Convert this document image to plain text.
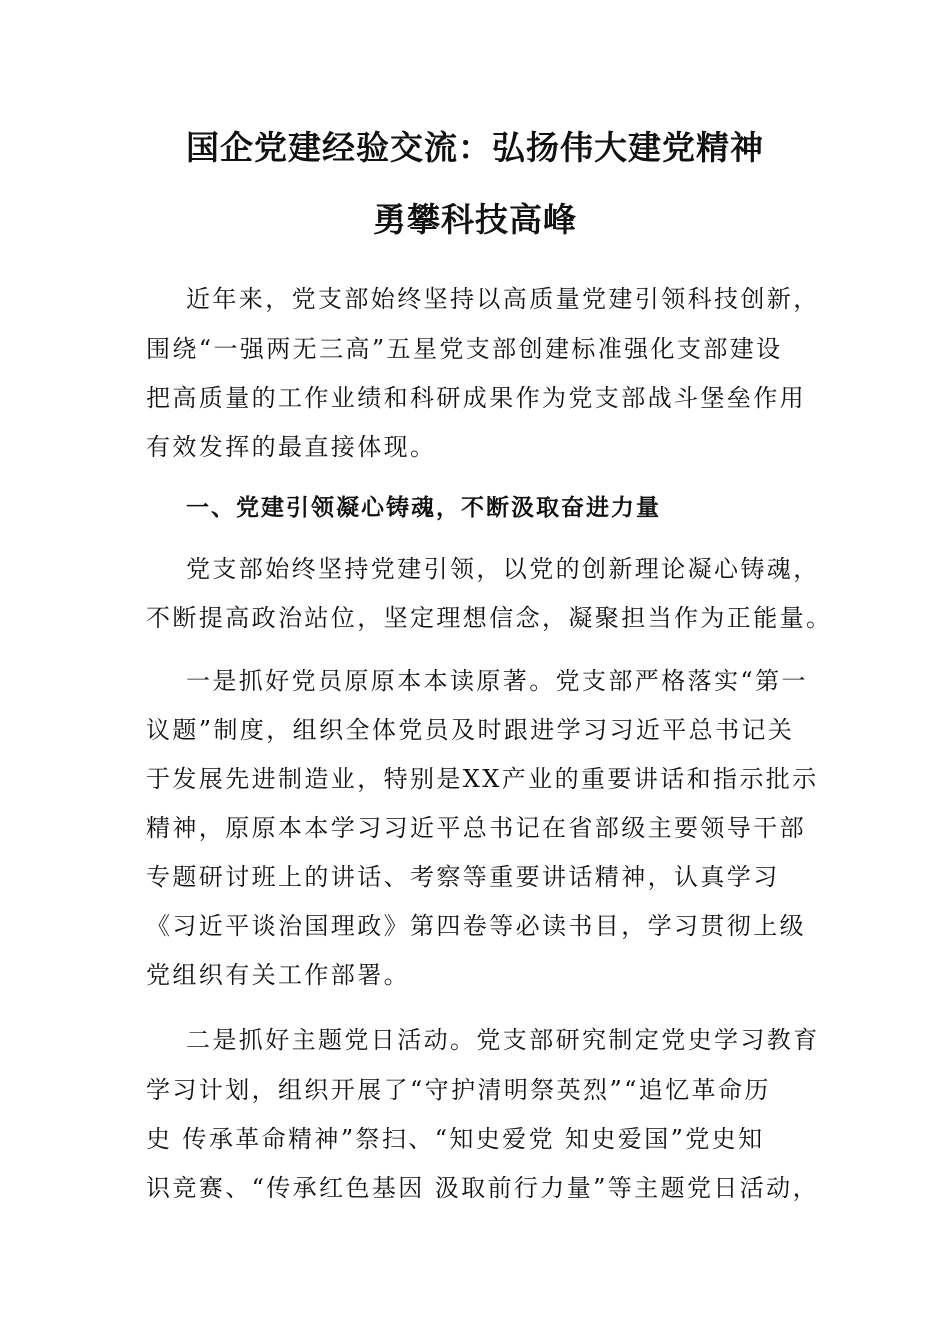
国企党建经验交流：弘扬伟大建党精神
勇攀科技高峰
近年来，党支部始终坚持以高质量党建引领科技创新，
围绕“一强两无三高”五星党支部创建标准强化支部建设
把高质量的工作业绩和科研成果作为党支部战斗堡垒作用
有效发挥的最直接体现。
一、党建引领凝心铸魂，不断汲取奋进力量
党支部始终坚持党建引领，以党的创新理论凝心铸魂，
不断提高政治站位，坚定理想信念，凝聚担当作为正能量。
一是抓好党员原原本本读原著。党支部严格落实“第一
议题”制度，组织全体党员及时跟进学习习近平总书记关
于发展先进制造业，特别是XX产业的重要讲话和指示批示
精神，原原本本学习习近平总书记在省部级主要领导干部
专题研讨班上的讲话、考察等重要讲话精神，认真学习
《习近平谈治国理政》第四卷等必读书目，学习贯彻上级
党组织有关工作部署。
二是抓好主题党日活动。党支部研究制定党史学习教育
学习计划，组织开展了“守护清明祭英烈”“追忆革命历
史 传承革命精神”祭扫、“知史爱党 知史爱国”党史知
识竞赛、“传承红色基因 汲取前行力量”等主题党日活动，
